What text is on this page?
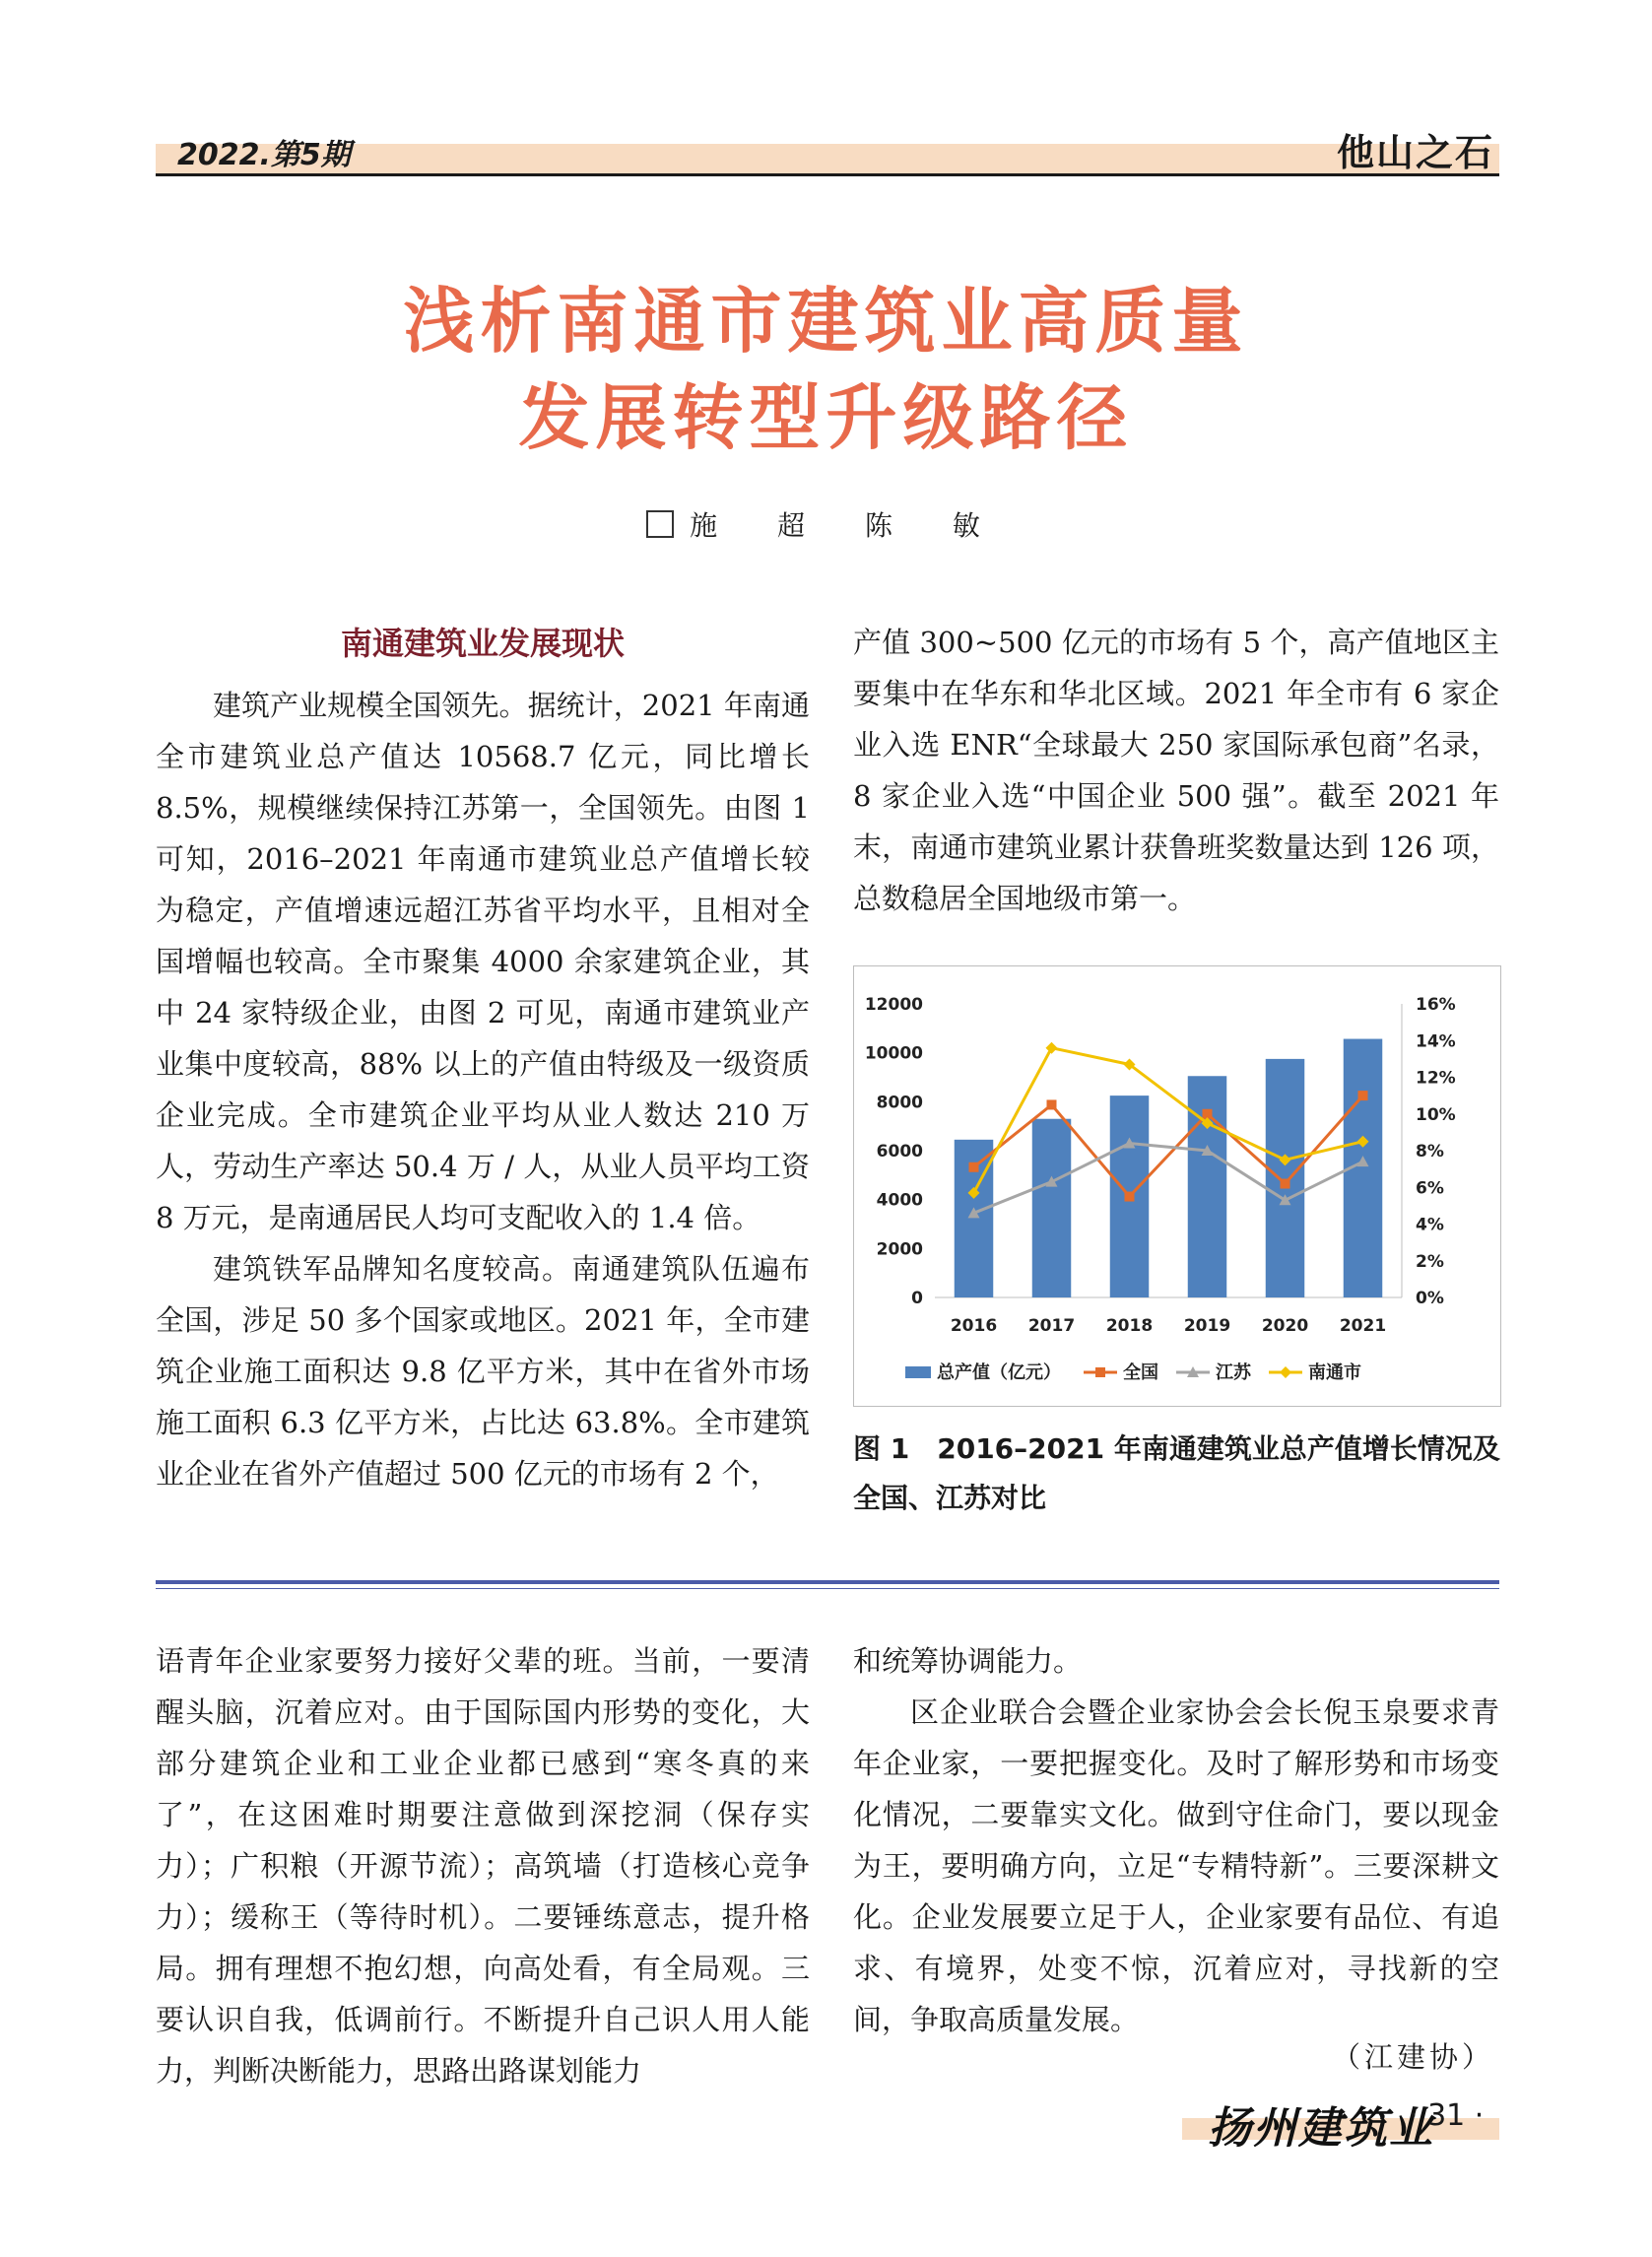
2022.第5期	他山之石
浅析南通市建筑业高质量
发展转型升级路径
施 超 陈 敏
南通建筑业发展现状

建筑产业规模全国领先。据统计，2021 年南通全市建筑业总产值达 10568.7 亿元，同比增长 8.5%，规模继续保持江苏第一，全国领先。由图 1 可知，2016–2021 年南通市建筑业总产值增长较为稳定，产值增速远超江苏省平均水平，且相对全国增幅也较高。全市聚集 4000 余家建筑企业，其中 24 家特级企业，由图 2 可见，南通市建筑业产业集中度较高，88% 以上的产值由特级及一级资质企业完成。全市建筑企业平均从业人数达 210 万人，劳动生产率达 50.4 万 / 人，从业人员平均工资 8 万元，是南通居民人均可支配收入的 1.4 倍。

建筑铁军品牌知名度较高。南通建筑队伍遍布全国，涉足 50 多个国家或地区。2021 年，全市建筑企业施工面积达 9.8 亿平方米，其中在省外市场施工面积 6.3 亿平方米，占比达 63.8%。全市建筑业企业在省外产值超过 500 亿元的市场有 2 个，

产值 300~500 亿元的市场有 5 个，高产值地区主要集中在华东和华北区域。2021 年全市有 6 家企业入选 ENR“全球最大 250 家国际承包商”名录，8 家企业入选“中国企业 500 强”。截至 2021 年末，南通市建筑业累计获鲁班奖数量达到 126 项，总数稳居全国地级市第一。

0
2000
4000
6000
8000
10000
12000
0%
2%
4%
6%
8%
10%
12%
14%
16%
2016 2017 2018 2019 2020 2021
总产值（亿元）	全国	江苏	南通市
图 1　2016–2021 年南通建筑业总产值增长情况及全国、江苏对比

语青年企业家要努力接好父辈的班。当前，一要清醒头脑，沉着应对。由于国际国内形势的变化，大部分建筑企业和工业企业都已感到“寒冬真的来了”，在这困难时期要注意做到深挖洞（保存实力）；广积粮（开源节流）；高筑墙（打造核心竞争力）；缓称王（等待时机）。二要锤练意志，提升格局。拥有理想不抱幻想，向高处看，有全局观。三要认识自我，低调前行。不断提升自己识人用人能力，判断决断能力，思路出路谋划能力

和统筹协调能力。

区企业联合会暨企业家协会会长倪玉泉要求青年企业家，一要把握变化。及时了解形势和市场变化情况，二要靠实文化。做到守住命门，要以现金为王，要明确方向，立足“专精特新”。三要深耕文化。企业发展要立足于人，企业家要有品位、有追求、有境界，处变不惊，沉着应对，寻找新的空间，争取高质量发展。

（江建协）
扬州建筑业
· 31 ·
